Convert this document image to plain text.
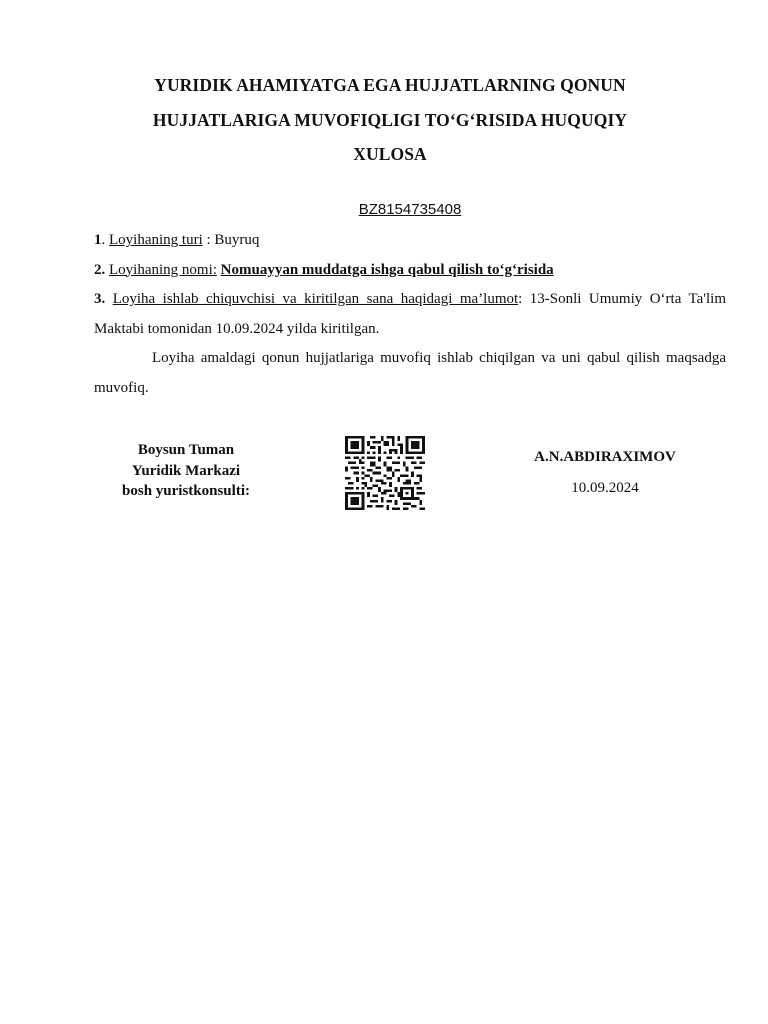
YURIDIK AHAMIYATGA EGA HUJJATLARNING QONUN
HUJJATLARIGA MUVOFIQLIGI TO‘G‘RISIDA HUQUQIY
XULOSA
BZ8154735408

1. Loyihaning turi : Buyruq

2. Loyihaning nomi: Nomuayyan muddatga ishga qabul qilish to‘g‘risida

3. Loyiha ishlab chiquvchisi va kiritilgan sana haqidagi ma’lumot: 13-Sonli Umumiy O‘rta Ta'lim Maktabi tomonidan 10.09.2024 yilda kiritilgan.

Loyiha amaldagi qonun hujjatlariga muvofiq ishlab chiqilgan va uni qabul qilish maqsadga muvofiq.

Boysun Tuman
Yuridik Markazi
bosh yuristkonsulti:
A.N.ABDIRAXIMOV
10.09.2024
